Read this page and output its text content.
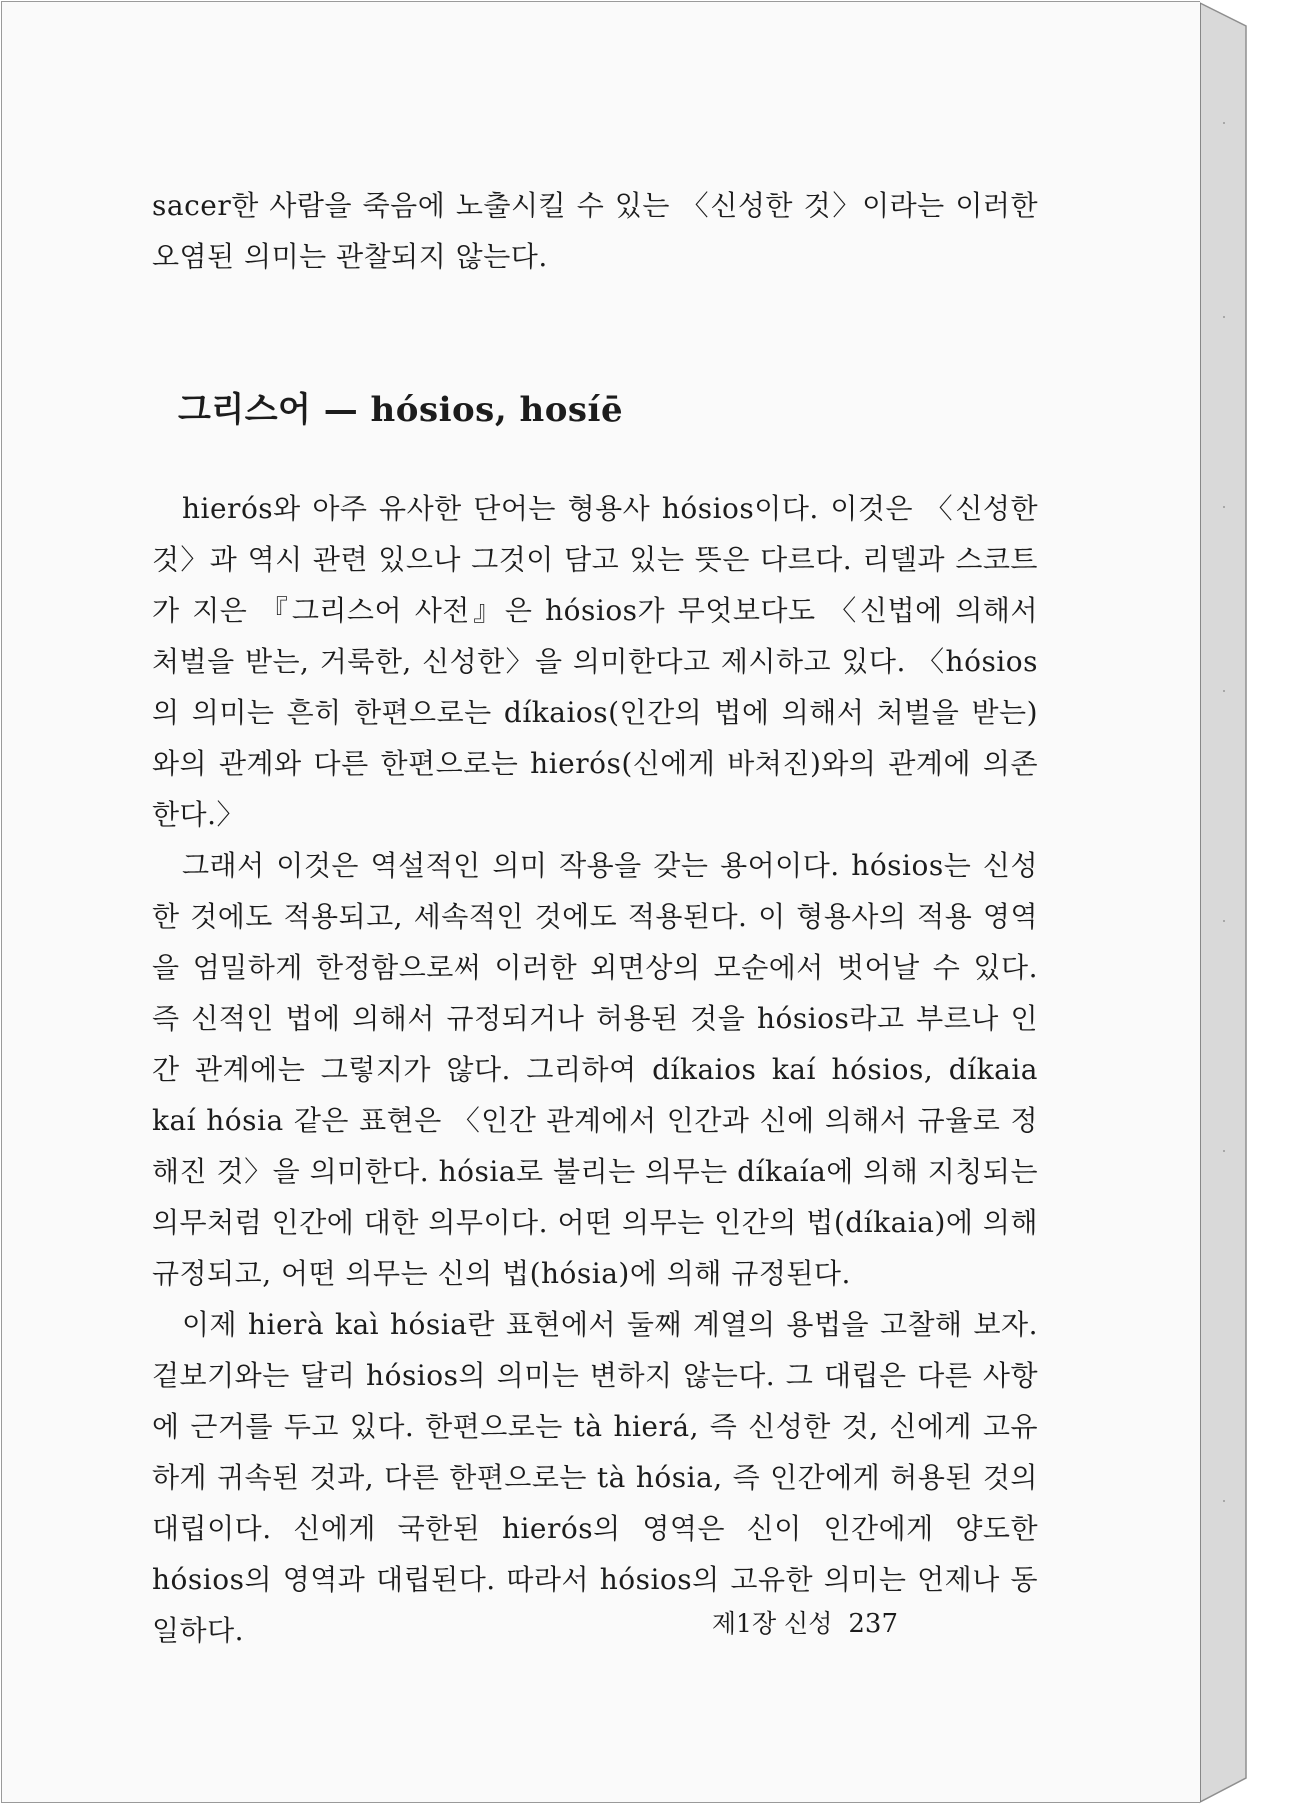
sacer한 사람을 죽음에 노출시킬 수 있는 〈신성한 것〉이라는 이러한 오염된 의미는 관찰되지 않는다.

그리스어 — hósios, hosíē

hierós와 아주 유사한 단어는 형용사 hósios이다. 이것은 〈신성한 것〉과 역시 관련 있으나 그것이 담고 있는 뜻은 다르다. 리델과 스코트가 지은 『그리스어 사전』은 hósios가 무엇보다도 〈신법에 의해서 처벌을 받는, 거룩한, 신성한〉을 의미한다고 제시하고 있다. 〈hósios의 의미는 흔히 한편으로는 díkaios(인간의 법에 의해서 처벌을 받는)와의 관계와 다른 한편으로는 hierós(신에게 바쳐진)와의 관계에 의존한다.〉

그래서 이것은 역설적인 의미 작용을 갖는 용어이다. hósios는 신성한 것에도 적용되고, 세속적인 것에도 적용된다. 이 형용사의 적용 영역을 엄밀하게 한정함으로써 이러한 외면상의 모순에서 벗어날 수 있다. 즉 신적인 법에 의해서 규정되거나 허용된 것을 hósios라고 부르나 인간 관계에는 그렇지가 않다. 그리하여 díkaios kaí hósios, díkaia kaí hósia 같은 표현은 〈인간 관계에서 인간과 신에 의해서 규율로 정해진 것〉을 의미한다. hósia로 불리는 의무는 díkaía에 의해 지칭되는 의무처럼 인간에 대한 의무이다. 어떤 의무는 인간의 법(díkaia)에 의해 규정되고, 어떤 의무는 신의 법(hósia)에 의해 규정된다.

이제 hierà kaì hósia란 표현에서 둘째 계열의 용법을 고찰해 보자. 겉보기와는 달리 hósios의 의미는 변하지 않는다. 그 대립은 다른 사항에 근거를 두고 있다. 한편으로는 tà hierá, 즉 신성한 것, 신에게 고유하게 귀속된 것과, 다른 한편으로는 tà hósia, 즉 인간에게 허용된 것의 대립이다. 신에게 국한된 hierós의 영역은 신이 인간에게 양도한 hósios의 영역과 대립된다. 따라서 hósios의 고유한 의미는 언제나 동일하다.	제1장 신성 237
